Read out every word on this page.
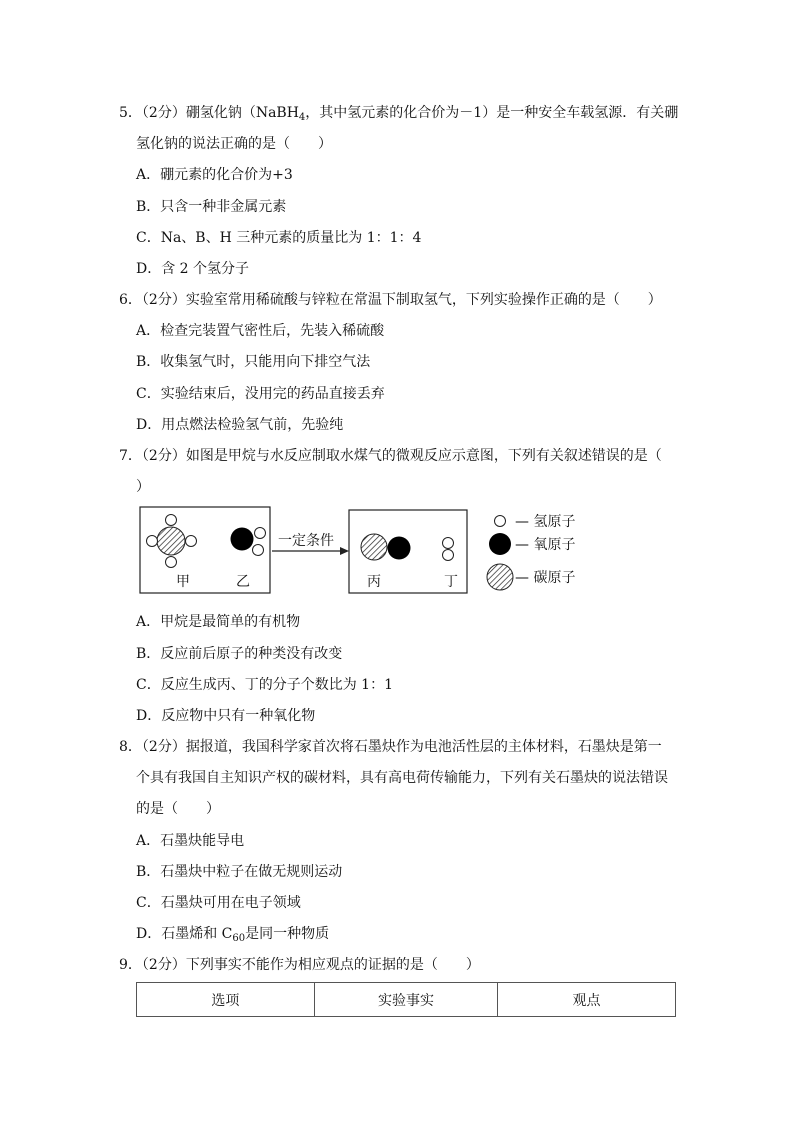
5．（2分）硼氢化钠（NaBH$_4$，其中氢元素的化合价为－1）是一种安全车载氢源．有关硼
氢化钠的说法正确的是（　　）
A．硼元素的化合价为+3
B．只含一种非金属元素
C．Na、B、H 三种元素的质量比为 1：1：4
D．含 2 个氢分子
6．（2分）实验室常用稀硫酸与锌粒在常温下制取氢气，下列实验操作正确的是（　　）
A．检查完装置气密性后，先装入稀硫酸
B．收集氢气时，只能用向下排空气法
C．实验结束后，没用完的药品直接丢弃
D．用点燃法检验氢气前，先验纯
7．（2分）如图是甲烷与水反应制取水煤气的微观反应示意图，下列有关叙述错误的是（
）
甲	乙
一定条件
丙	丁
— 氢原子
— 氧原子
— 碳原子
A．甲烷是最简单的有机物
B．反应前后原子的种类没有改变
C．反应生成丙、丁的分子个数比为 1：1
D．反应物中只有一种氧化物
8．（2分）据报道，我国科学家首次将石墨炔作为电池活性层的主体材料，石墨炔是第一
个具有我国自主知识产权的碳材料，具有高电荷传输能力，下列有关石墨炔的说法错误
的是（　　）
A．石墨炔能导电
B．石墨炔中粒子在做无规则运动
C．石墨炔可用在电子领域
D．石墨烯和 $C_{60}$是同一种物质
9．（2分）下列事实不能作为相应观点的证据的是（　　）
选项	实验事实	观点
